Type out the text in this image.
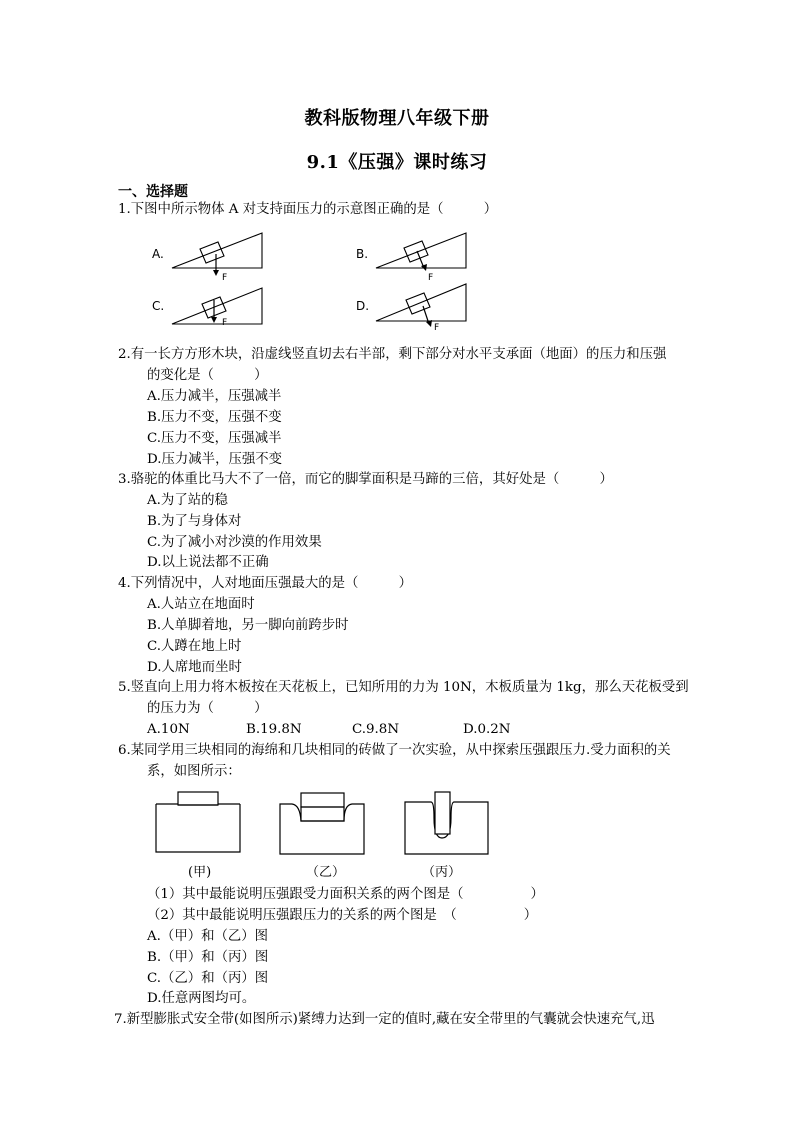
教科版物理八年级下册
9.1《压强》课时练习
一、选择题
1.下图中所示物体 A 对支持面压力的示意图正确的是（　　　）
A.
F
B.
F
C.
F
D.
F
2.有一长方方形木块，沿虚线竖直切去右半部，剩下部分对水平支承面（地面）的压力和压强
的变化是（　　　）
A.压力减半，压强减半
B.压力不变，压强不变
C.压力不变，压强减半
D.压力减半，压强不变
3.骆驼的体重比马大不了一倍，而它的脚掌面积是马蹄的三倍，其好处是（　　　）
A.为了站的稳
B.为了与身体对
C.为了减小对沙漠的作用效果
D.以上说法都不正确
4.下列情况中，人对地面压强最大的是（　　　）
A.人站立在地面时
B.人单脚着地，另一脚向前跨步时
C.人蹲在地上时
D.人席地而坐时
5.竖直向上用力将木板按在天花板上，已知所用的力为 10N，木板质量为 1kg，那么天花板受到
的压力为（　　　）
A.10N	B.19.8N	C.9.8N	D.0.2N
6.某同学用三块相同的海绵和几块相同的砖做了一次实验，从中探索压强跟压力.受力面积的关
系，如图所示：
(甲)	（乙）	（丙）
（1）其中最能说明压强跟受力面积关系的两个图是（　　　　　）
（2）其中最能说明压强跟压力的关系的两个图是　（　　　　　）
A.（甲）和（乙）图
B.（甲）和（丙）图
C.（乙）和（丙）图
D.任意两图均可。
7.新型膨胀式安全带(如图所示)紧缚力达到一定的值时,藏在安全带里的气囊就会快速充气,迅
